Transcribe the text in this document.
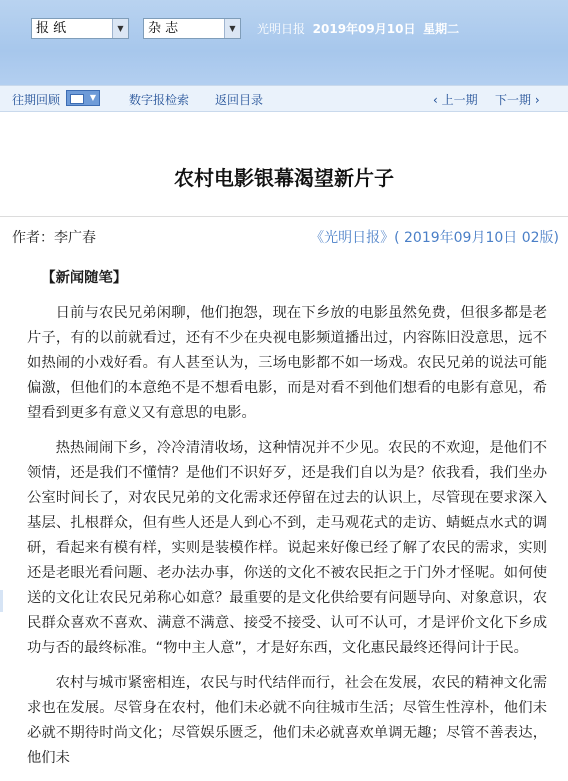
报 纸	▼	杂 志	▼	光明日报 2019年09月10日 星期二
往期回顾	▼	数字报检索 返回目录	‹ 上一期 下一期 ›
农村电影银幕渴望新片子
作者：李广春	《光明日报》( 2019年09月10日 02版)
【新闻随笔】

日前与农民兄弟闲聊，他们抱怨，现在下乡放的电影虽然免费，但很多都是老片子，有的以前就看过，还有不少在央视电影频道播出过，内容陈旧没意思，远不如热闹的小戏好看。有人甚至认为，三场电影都不如一场戏。农民兄弟的说法可能偏激，但他们的本意绝不是不想看电影，而是对看不到他们想看的电影有意见，希望看到更多有意义又有意思的电影。

热热闹闹下乡，冷冷清清收场，这种情况并不少见。农民的不欢迎，是他们不领情，还是我们不懂情？是他们不识好歹，还是我们自以为是？依我看，我们坐办公室时间长了，对农民兄弟的文化需求还停留在过去的认识上，尽管现在要求深入基层、扎根群众，但有些人还是人到心不到，走马观花式的走访、蜻蜓点水式的调研，看起来有模有样，实则是装模作样。说起来好像已经了解了农民的需求，实则还是老眼光看问题、老办法办事，你送的文化不被农民拒之于门外才怪呢。如何使送的文化让农民兄弟称心如意？最重要的是文化供给要有问题导向、对象意识，农民群众喜欢不喜欢、满意不满意、接受不接受、认可不认可，才是评价文化下乡成功与否的最终标准。“物中主人意”，才是好东西，文化惠民最终还得问计于民。

农村与城市紧密相连，农民与时代结伴而行，社会在发展，农民的精神文化需求也在发展。尽管身在农村，他们未必就不向往城市生活；尽管生性淳朴，他们未必就不期待时尚文化；尽管娱乐匮乏，他们未必就喜欢单调无趣；尽管不善表达，他们未
